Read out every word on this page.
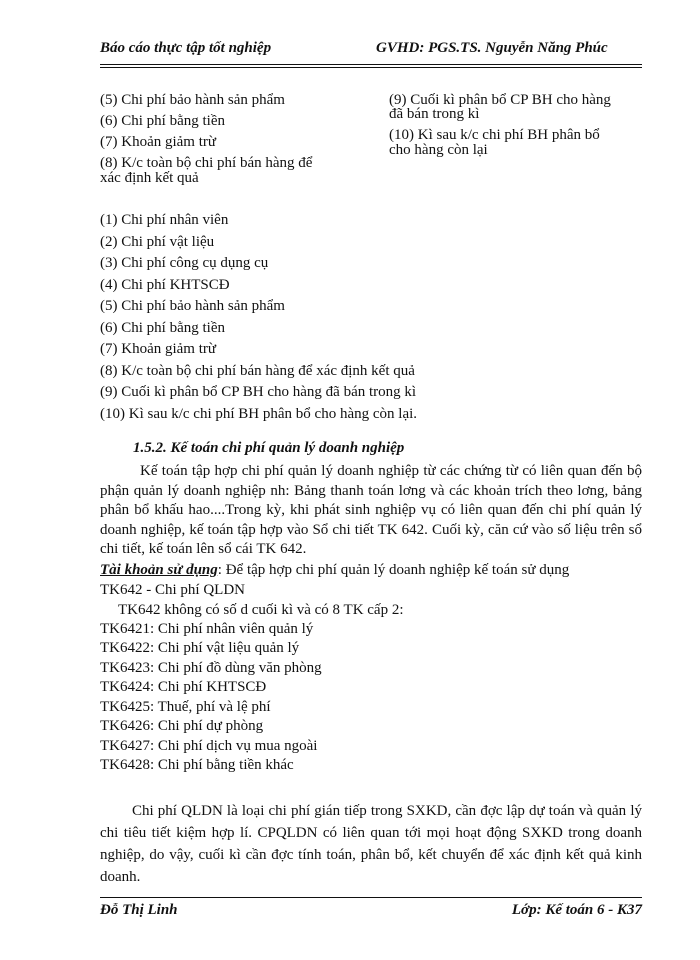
Báo cáo thực tập tốt nghiệp	GVHD: PGS.TS. Nguyễn Năng Phúc
(5) Chi phí bảo hành sản phẩm
(6) Chi phí bằng tiền
(7) Khoản giảm trừ
(8) K/c toàn bộ chi phí bán hàng để
xác định kết quả
(9) Cuối kì phân bổ CP BH cho hàng
đã bán trong kì
(10) Kì sau k/c chi phí BH phân bổ
cho hàng còn lại
(1) Chi phí nhân viên
(2) Chi phí vật liệu
(3) Chi phí công cụ dụng cụ
(4) Chi phí KHTSCĐ
(5) Chi phí bảo hành sản phẩm
(6) Chi phí bằng tiền
(7) Khoản giảm trừ
(8) K/c toàn bộ chi phí bán hàng để xác định kết quả
(9) Cuối kì phân bổ CP BH cho hàng đã bán trong kì
(10) Kì sau k/c chi phí BH phân bổ cho hàng còn lại.
1.5.2. Kế toán chi phí quản lý doanh nghiệp
Kế toán tập hợp chi phí quản lý doanh nghiệp từ các chứng từ có liên quan đến bộ phận quản lý doanh nghiệp nh: Bảng thanh toán lơng và các khoản trích theo lơng, bảng phân bổ khấu hao....Trong kỳ, khi phát sinh nghiệp vụ có liên quan đến chi phí quản lý doanh nghiệp, kế toán tập hợp vào Sổ chi tiết TK 642. Cuối kỳ, căn cứ vào số liệu trên sổ chi tiết, kế toán lên sổ cái TK 642.
Tài khoản sử dụng: Để tập hợp chi phí quản lý doanh nghiệp kế toán sử dụng
TK642 - Chi phí QLDN
TK642 không có số d cuối kì và có 8 TK cấp 2:
TK6421: Chi phí nhân viên quản lý
TK6422: Chi phí vật liệu quản lý
TK6423: Chi phí đồ dùng văn phòng
TK6424: Chi phí KHTSCĐ
TK6425: Thuế, phí và lệ phí
TK6426: Chi phí dự phòng
TK6427: Chi phí dịch vụ mua ngoài
TK6428: Chi phí bằng tiền khác
Chi phí QLDN là loại chi phí gián tiếp trong SXKD, cần đợc lập dự toán và quản lý chi tiêu tiết kiệm hợp lí. CPQLDN có liên quan tới mọi hoạt động SXKD trong doanh nghiệp, do vậy, cuối kì cần đợc tính toán, phân bổ, kết chuyển để xác định kết quả kinh doanh.
Đỗ Thị Linh	Lớp: Kế toán 6 - K37
